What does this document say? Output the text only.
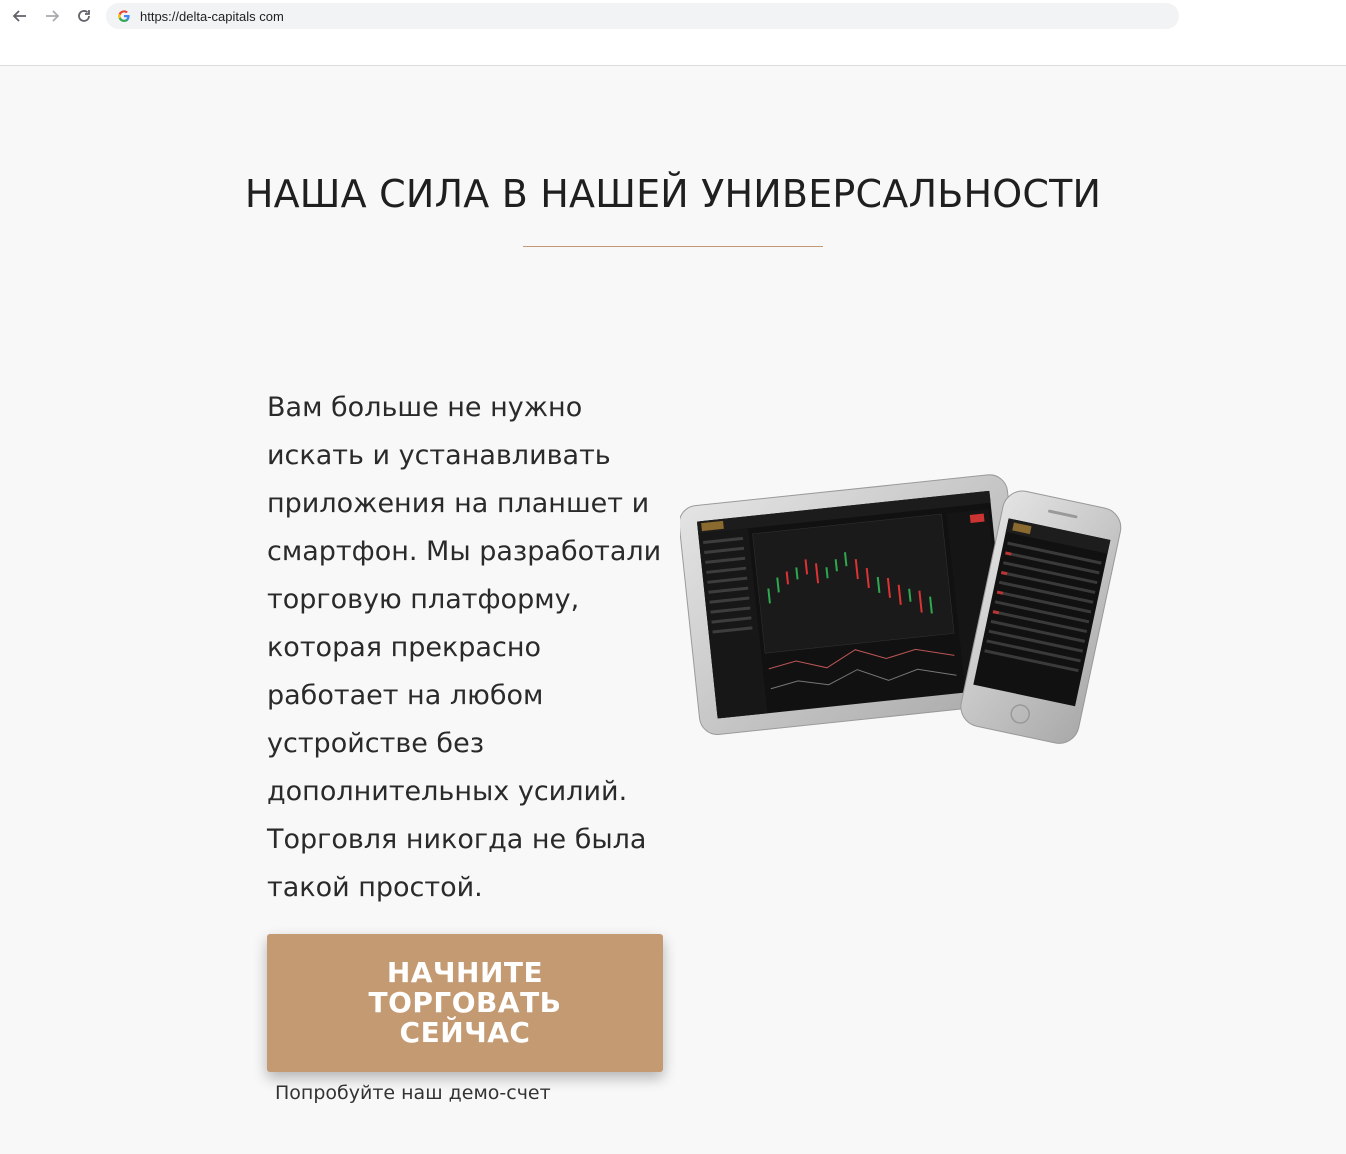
https://delta-capitals com
НАША СИЛА В НАШЕЙ УНИВЕРСАЛЬНОСТИ

Вам больше не нужно искать и устанавливать приложения на планшет и смартфон. Мы разработали торговую платформу, которая прекрасно работает на любом устройстве без дополнительных усилий. Торговля никогда не была такой простой.

НАЧНИТЕ ТОРГОВАТЬ СЕЙЧАС
Попробуйте наш демо-счет
